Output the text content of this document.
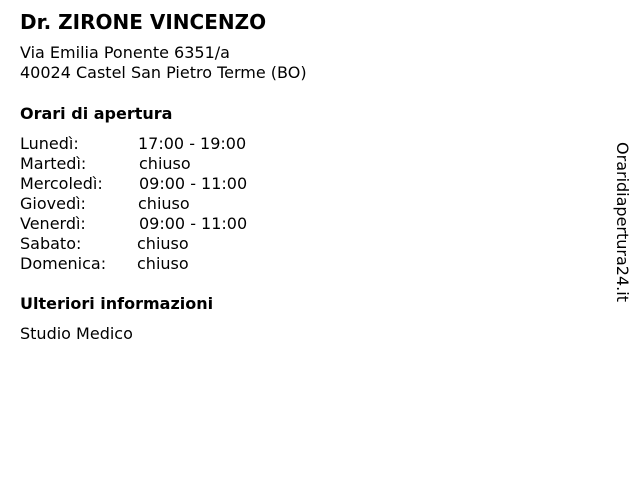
Dr. ZIRONE VINCENZO
Via Emilia Ponente 6351/a
40024 Castel San Pietro Terme (BO)
Orari di apertura
Lunedì:	17:00 - 19:00
Martedì:	chiuso
Mercoledì: 09:00 - 11:00
Giovedì:	chiuso
Venerdì:	09:00 - 11:00
Sabato:	chiuso
Domenica: chiuso
Ulteriori informazioni
Studio Medico
Oraridiapertura24.it
